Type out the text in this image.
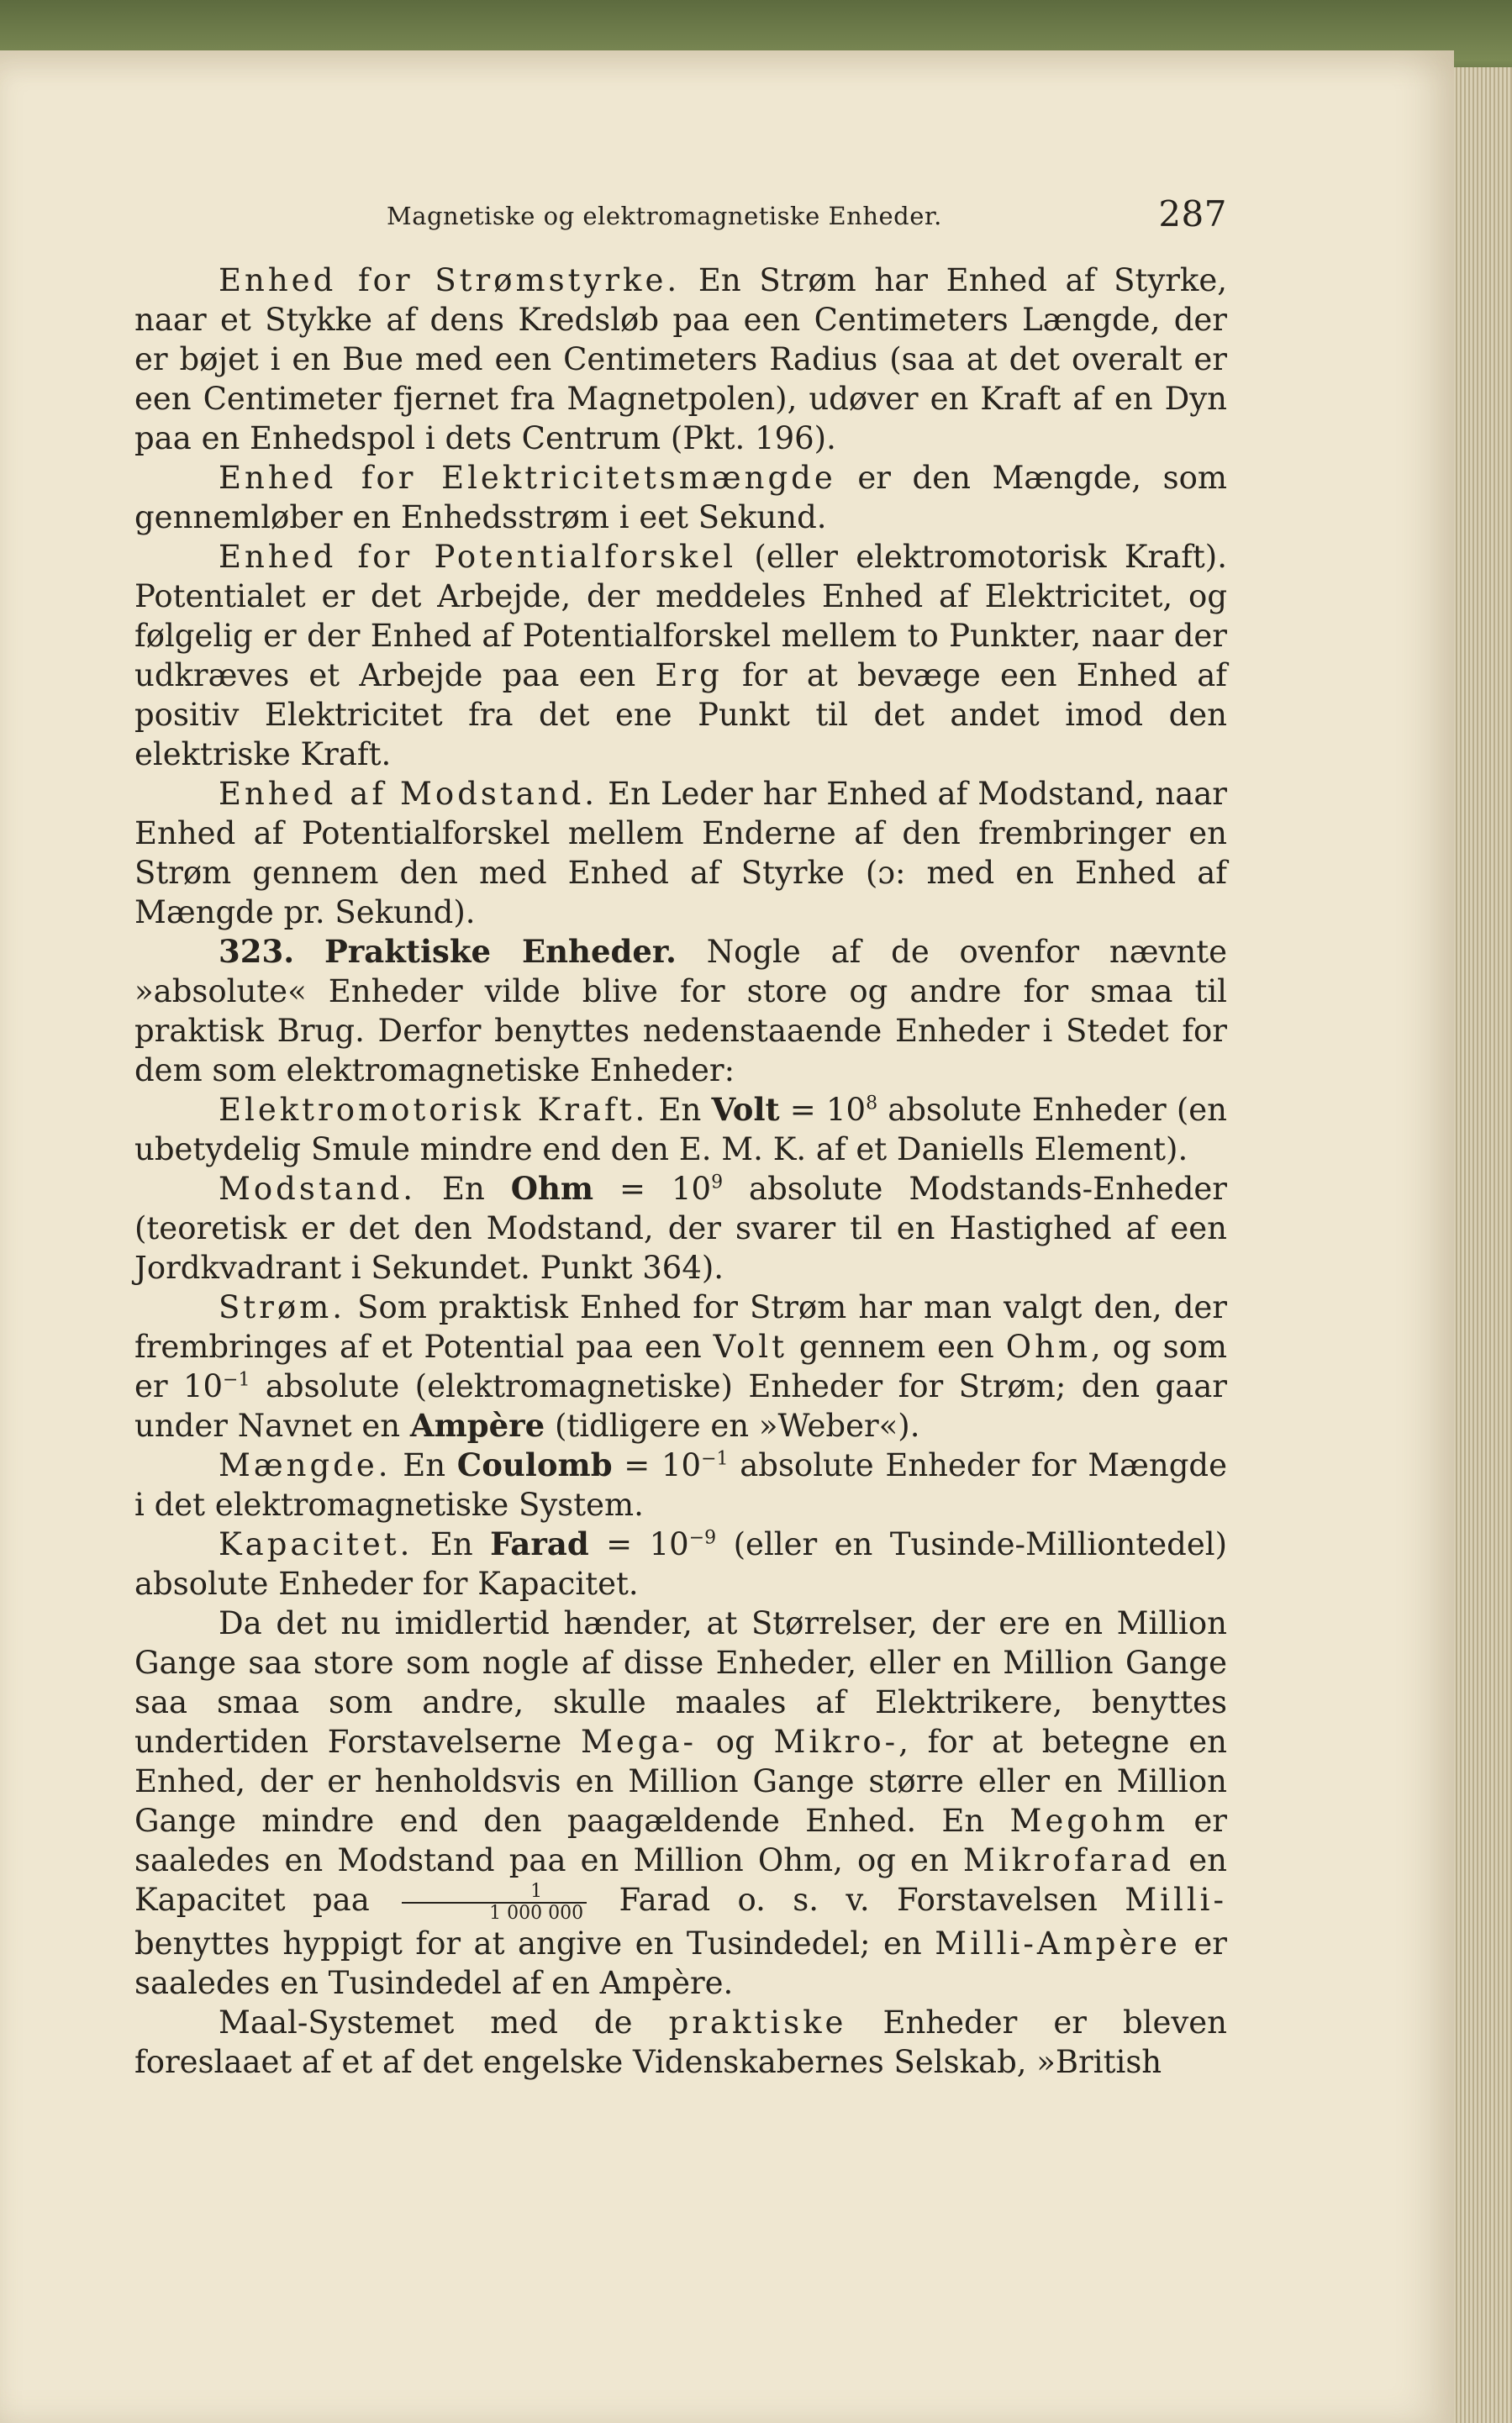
Magnetiske og elektromagnetiske Enheder.	287

Enhed for Strømstyrke. En Strøm har Enhed af Styrke, naar et Stykke af dens Kredsløb paa een Centimeters Længde, der er bøjet i en Bue med een Centimeters Radius (saa at det overalt er een Centimeter fjernet fra Magnetpolen), udøver en Kraft af en Dyn paa en Enhedspol i dets Centrum (Pkt. 196).

Enhed for Elektricitetsmængde er den Mængde, som gennemløber en Enhedsstrøm i eet Sekund.

Enhed for Potentialforskel (eller elektromotorisk Kraft). Potentialet er det Arbejde, der meddeles Enhed af Elektricitet, og følgelig er der Enhed af Potentialforskel mellem to Punkter, naar der udkræves et Arbejde paa een Erg for at bevæge een Enhed af positiv Elektricitet fra det ene Punkt til det andet imod den elektriske Kraft.

Enhed af Modstand. En Leder har Enhed af Modstand, naar Enhed af Potentialforskel mellem Enderne af den frembringer en Strøm gennem den med Enhed af Styrke (ɔ: med en Enhed af Mængde pr. Sekund).

323. Praktiske Enheder. Nogle af de ovenfor nævnte »absolute« Enheder vilde blive for store og andre for smaa til praktisk Brug. Derfor benyttes nedenstaaende Enheder i Stedet for dem som elektromagnetiske Enheder:

Elektromotorisk Kraft. En Volt = $10^8$ absolute Enheder (en ubetydelig Smule mindre end den E. M. K. af et Daniells Element).

Modstand. En Ohm = $10^9$ absolute Modstands-Enheder (teoretisk er det den Modstand, der svarer til en Hastighed af een Jordkvadrant i Sekundet. Punkt 364).

Strøm. Som praktisk Enhed for Strøm har man valgt den, der frembringes af et Potential paa een Volt gennem een Ohm, og som er $10^{-1}$ absolute (elektromagnetiske) Enheder for Strøm; den gaar under Navnet en Ampère (tidligere en »Weber«).

Mængde. En Coulomb = $10^{-1}$ absolute Enheder for Mængde i det elektromagnetiske System.

Kapacitet. En Farad = $10^{-9}$ (eller en Tusinde-Milliontedel) absolute Enheder for Kapacitet.

Da det nu imidlertid hænder, at Størrelser, der ere en Million Gange saa store som nogle af disse Enheder, eller en Million Gange saa smaa som andre, skulle maales af Elektrikere, benyttes undertiden Forstavelserne Mega- og Mikro-, for at betegne en Enhed, der er henholdsvis en Million Gange større eller en Million Gange mindre end den paagældende Enhed. En Megohm er saaledes en Modstand paa en Million Ohm, og en Mikrofarad en Kapacitet paa $\frac{1}{1 000 000}$ Farad o. s. v. Forstavelsen Milli- benyttes hyppigt for at angive en Tusindedel; en Milli-Ampère er saaledes en Tusindedel af en Ampère.

Maal-Systemet med de praktiske Enheder er bleven foreslaaet af et af det engelske Videnskabernes Selskab, »British
